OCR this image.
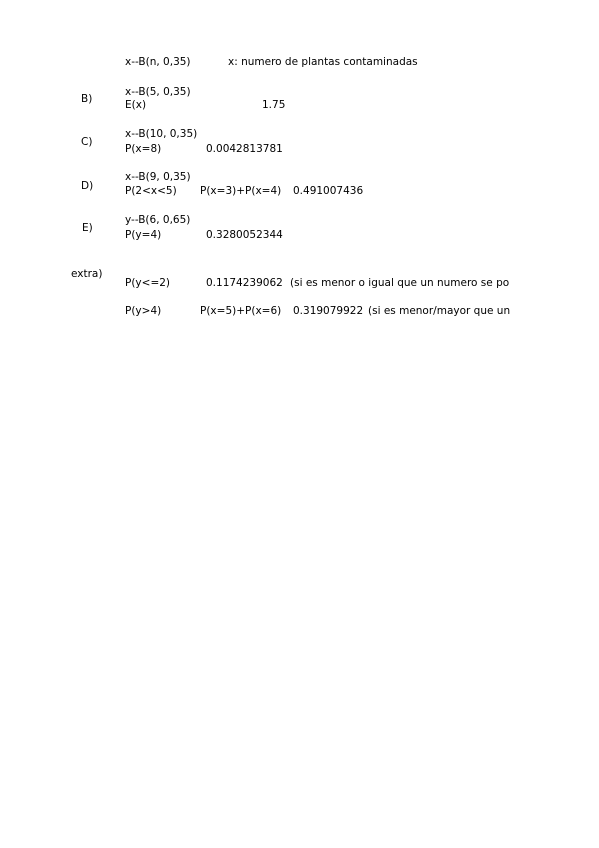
x--B(n, 0,35)	x: numero de plantas contaminadas
B)
x--B(5, 0,35)
E(x)	1.75
C)
x--B(10, 0,35)
P(x=8)	0.0042813781
D)
x--B(9, 0,35)
P(2<x<5) P(x=3)+P(x=4) 0.491007436
E)
y--B(6, 0,65)
P(y=4)	0.3280052344
extra)
P(y<=2)	0.1174239062 (si es menor o igual que un numero se po
P(y>4)	P(x=5)+P(x=6) 0.319079922 (si es menor/mayor que un
